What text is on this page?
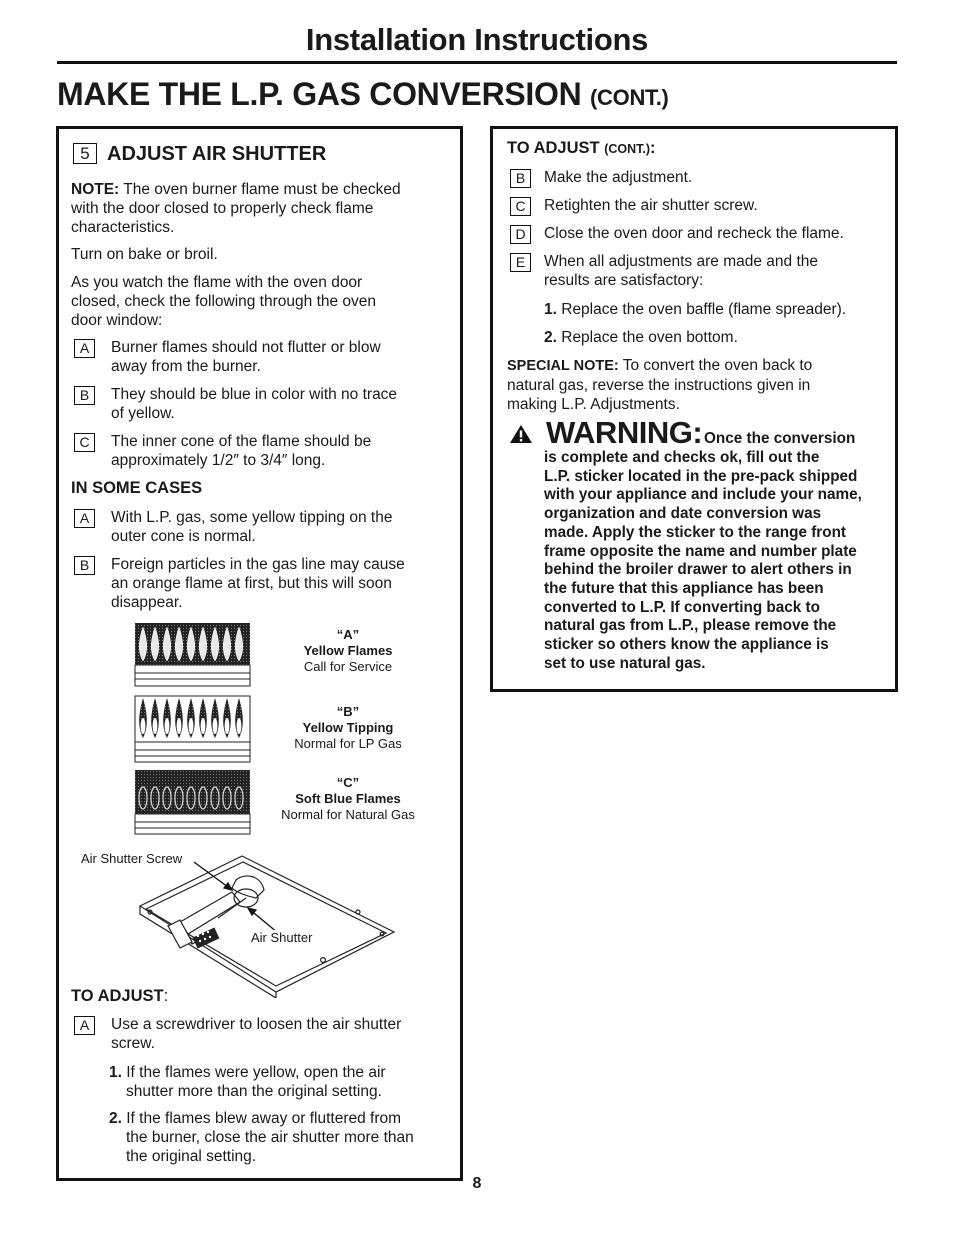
Installation Instructions
MAKE THE L.P. GAS CONVERSION (CONT.)
5 ADJUST AIR SHUTTER
NOTE: The oven burner flame must be checked
with the door closed to properly check flame
characteristics.
Turn on bake or broil.
As you watch the flame with the oven door
closed, check the following through the oven
door window:
A	Burner flames should not flutter or blow
away from the burner.
B	They should be blue in color with no trace
of yellow.
C	The inner cone of the flame should be
approximately 1/2″ to 3/4″ long.
IN SOME CASES
A	With L.P. gas, some yellow tipping on the
outer cone is normal.
B	Foreign particles in the gas line may cause
an orange flame at first, but this will soon
disappear.
“A”
Yellow Flames
Call for Service
“B”
Yellow Tipping
Normal for LP Gas
“C”
Soft Blue Flames
Normal for Natural Gas
Air Shutter Screw
Air Shutter
TO ADJUST:
A	Use a screwdriver to loosen the air shutter
screw.
1. If the flames were yellow, open the air
shutter more than the original setting.
2. If the flames blew away or fluttered from
the burner, close the air shutter more than
the original setting.
TO ADJUST (CONT.):
B	Make the adjustment.
C	Retighten the air shutter screw.
D	Close the oven door and recheck the flame.
E	When all adjustments are made and the
results are satisfactory:
1. Replace the oven baffle (flame spreader).
2. Replace the oven bottom.
SPECIAL NOTE: To convert the oven back to
natural gas, reverse the instructions given in
making L.P. Adjustments.
WARNING: Once the conversion
is complete and checks ok, fill out the
L.P. sticker located in the pre-pack shipped
with your appliance and include your name,
organization and date conversion was
made. Apply the sticker to the range front
frame opposite the name and number plate
behind the broiler drawer to alert others in
the future that this appliance has been
converted to L.P. If converting back to
natural gas from L.P., please remove the
sticker so others know the appliance is
set to use natural gas.
8
